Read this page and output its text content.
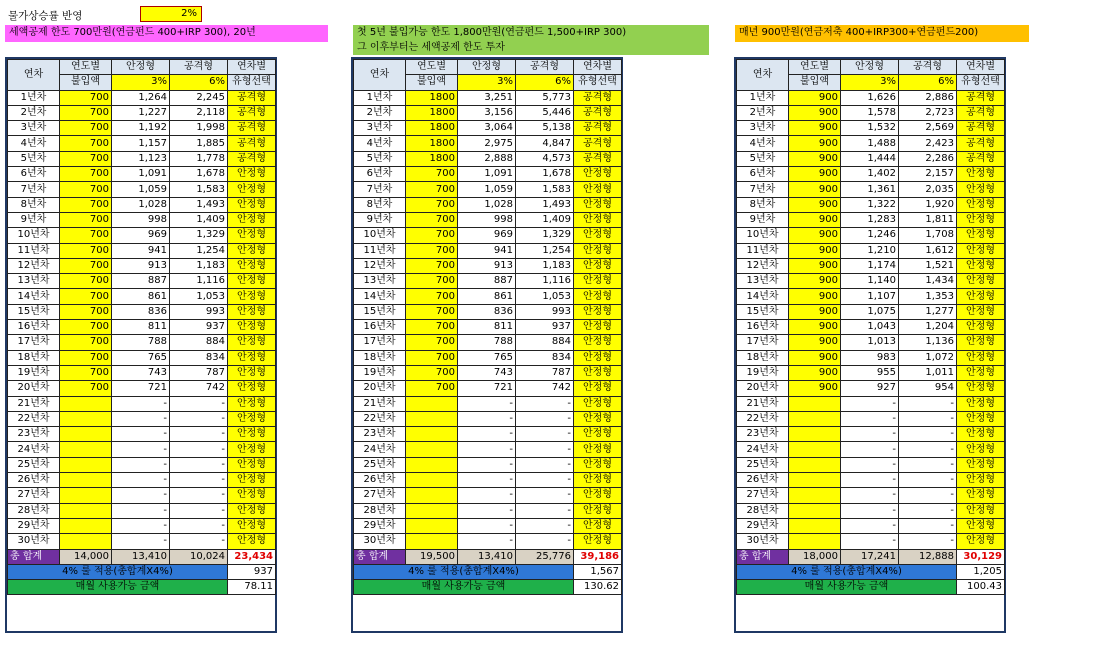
물가상승률 반영	2%
세액공제 한도 700만원(연금펀드 400+IRP 300), 20년	첫 5년 불입가능 한도 1,800만원(연금펀드 1,500+IRP 300)
그 이후부터는 세액공제 한도 투자
매년 900만원(연금저축 400+IRP300+연금펀드200)
연차	연도별	안정형	공격형	연차별
	불입액	3%	6%	유형선택
1년차	700	1,264	2,245	공격형
2년차	700	1,227	2,118	공격형
3년차	700	1,192	1,998	공격형
4년차	700	1,157	1,885	공격형
5년차	700	1,123	1,778	공격형
6년차	700	1,091	1,678	안정형
7년차	700	1,059	1,583	안정형
8년차	700	1,028	1,493	안정형
9년차	700	998	1,409	안정형
10년차	700	969	1,329	안정형
11년차	700	941	1,254	안정형
12년차	700	913	1,183	안정형
13년차	700	887	1,116	안정형
14년차	700	861	1,053	안정형
15년차	700	836	993	안정형
16년차	700	811	937	안정형
17년차	700	788	884	안정형
18년차	700	765	834	안정형
19년차	700	743	787	안정형
20년차	700	721	742	안정형
21년차		-	-	안정형
22년차		-	-	안정형
23년차		-	-	안정형
24년차		-	-	안정형
25년차		-	-	안정형
26년차		-	-	안정형
27년차		-	-	안정형
28년차		-	-	안정형
29년차		-	-	안정형
30년차		-	-	안정형
총 합계	14,000	13,410	10,024	23,434
4% 룰 적용(총합계X4%)				937
매월 사용가능 금액				78.11
연차	연도별	안정형	공격형	연차별
	불입액	3%	6%	유형선택
1년차	1800	3,251	5,773	공격형
2년차	1800	3,156	5,446	공격형
3년차	1800	3,064	5,138	공격형
4년차	1800	2,975	4,847	공격형
5년차	1800	2,888	4,573	공격형
6년차	700	1,091	1,678	안정형
7년차	700	1,059	1,583	안정형
8년차	700	1,028	1,493	안정형
9년차	700	998	1,409	안정형
10년차	700	969	1,329	안정형
11년차	700	941	1,254	안정형
12년차	700	913	1,183	안정형
13년차	700	887	1,116	안정형
14년차	700	861	1,053	안정형
15년차	700	836	993	안정형
16년차	700	811	937	안정형
17년차	700	788	884	안정형
18년차	700	765	834	안정형
19년차	700	743	787	안정형
20년차	700	721	742	안정형
21년차		-	-	안정형
22년차		-	-	안정형
23년차		-	-	안정형
24년차		-	-	안정형
25년차		-	-	안정형
26년차		-	-	안정형
27년차		-	-	안정형
28년차		-	-	안정형
29년차		-	-	안정형
30년차		-	-	안정형
총 합계	19,500	13,410	25,776	39,186
4% 룰 적용(총합계X4%)				1,567
매월 사용가능 금액				130.62
연차	연도별	안정형	공격형	연차별
	불입액	3%	6%	유형선택
1년차	900	1,626	2,886	공격형
2년차	900	1,578	2,723	공격형
3년차	900	1,532	2,569	공격형
4년차	900	1,488	2,423	공격형
5년차	900	1,444	2,286	공격형
6년차	900	1,402	2,157	안정형
7년차	900	1,361	2,035	안정형
8년차	900	1,322	1,920	안정형
9년차	900	1,283	1,811	안정형
10년차	900	1,246	1,708	안정형
11년차	900	1,210	1,612	안정형
12년차	900	1,174	1,521	안정형
13년차	900	1,140	1,434	안정형
14년차	900	1,107	1,353	안정형
15년차	900	1,075	1,277	안정형
16년차	900	1,043	1,204	안정형
17년차	900	1,013	1,136	안정형
18년차	900	983	1,072	안정형
19년차	900	955	1,011	안정형
20년차	900	927	954	안정형
21년차		-	-	안정형
22년차		-	-	안정형
23년차		-	-	안정형
24년차		-	-	안정형
25년차		-	-	안정형
26년차		-	-	안정형
27년차		-	-	안정형
28년차		-	-	안정형
29년차		-	-	안정형
30년차		-	-	안정형
총 합계	18,000	17,241	12,888	30,129
4% 룰 적용(총합계X4%)				1,205
매월 사용가능 금액				100.43
